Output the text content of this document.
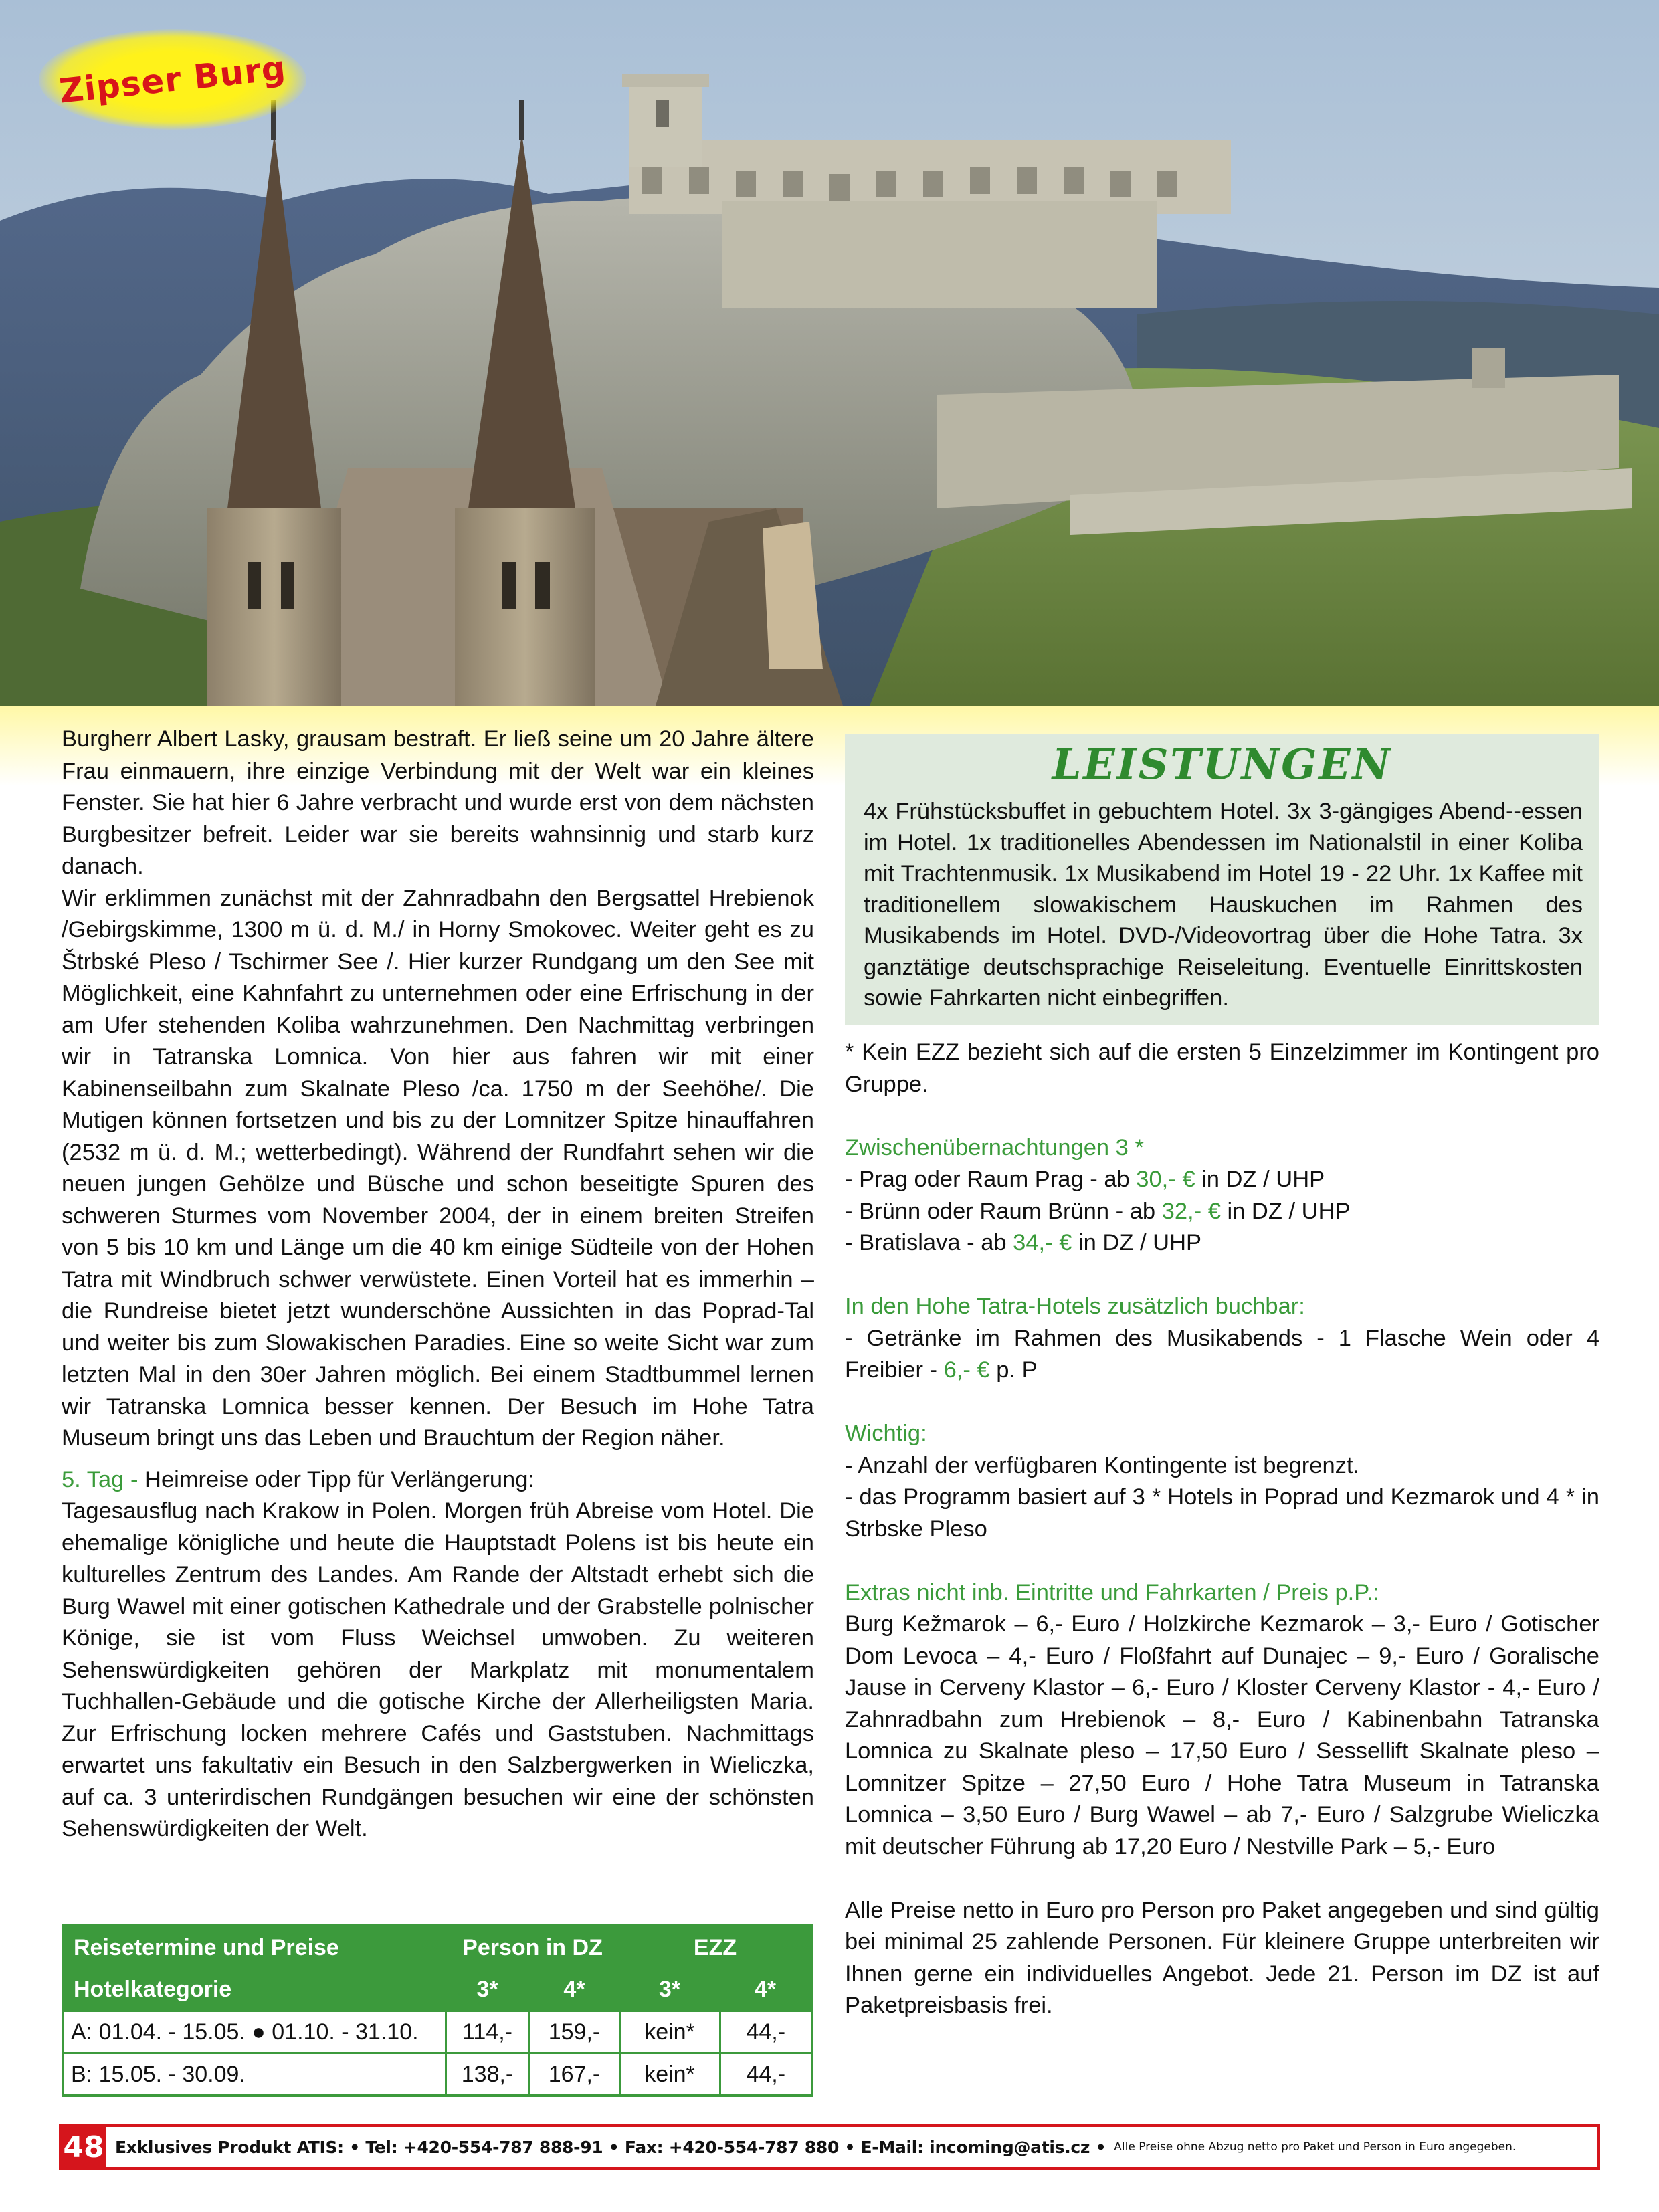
Zipser Burg

Burgherr Albert Lasky, grausam bestraft. Er ließ seine um 20 Jahre ältere Frau einmauern, ihre einzige Verbindung mit der Welt war ein kleines Fenster. Sie hat hier 6 Jahre verbracht und wurde erst von dem nächsten Burgbesitzer befreit. Leider war sie bereits wahnsinnig und starb kurz danach.

Wir erklimmen zunächst mit der Zahnradbahn den Bergsattel Hrebienok /Gebirgskimme, 1300 m ü. d. M./ in Horny Smokovec. Weiter geht es zu Štrbské Pleso / Tschirmer See /. Hier kurzer Rundgang um den See mit Möglichkeit, eine Kahnfahrt zu unternehmen oder eine Erfrischung in der am Ufer stehenden Koliba wahrzunehmen. Den Nachmittag verbringen wir in Tatranska Lomnica. Von hier aus fahren wir mit einer Kabinenseilbahn zum Skalnate Pleso /ca. 1750 m der Seehöhe/. Die Mutigen können fortsetzen und bis zu der Lomnitzer Spitze hinauffahren (2532 m ü. d. M.; wetterbedingt). Während der Rundfahrt sehen wir die neuen jungen Gehölze und Büsche und schon beseitigte Spuren des schweren Sturmes vom November 2004, der in einem breiten Streifen von 5 bis 10 km und Länge um die 40 km einige Südteile von der Hohen Tatra mit Windbruch schwer verwüstete. Einen Vorteil hat es immerhin – die Rundreise bietet jetzt wunderschöne Aussichten in das Poprad-Tal und weiter bis zum Slowakischen Paradies. Eine so weite Sicht war zum letzten Mal in den 30er Jahren möglich. Bei einem Stadtbummel lernen wir Tatranska Lomnica besser kennen. Der Besuch im Hohe Tatra Museum bringt uns das Leben und Brauchtum der Region näher.

5. Tag - Heimreise oder Tipp für Verlängerung:

Tagesausflug nach Krakow in Polen. Morgen früh Abreise vom Hotel. Die ehemalige königliche und heute die Hauptstadt Polens ist bis heute ein kulturelles Zentrum des Landes. Am Rande der Altstadt erhebt sich die Burg Wawel mit einer gotischen Kathedrale und der Grabstelle polnischer Könige, sie ist vom Fluss Weichsel umwoben. Zu weiteren Sehenswürdigkeiten gehören der Markplatz mit monumentalem Tuchhallen-Gebäude und die gotische Kirche der Allerheiligsten Maria. Zur Erfrischung locken mehrere Cafés und Gaststuben. Nachmittags erwartet uns fakultativ ein Besuch in den Salzbergwerken in Wieliczka, auf ca. 3 unterirdischen Rundgängen besuchen wir eine der schönsten Sehenswürdigkeiten der Welt.

Reisetermine und Preise	Person in DZ		EZZ	
Hotelkategorie	3*	4*	3*	4*
A: 01.04. - 15.05. ● 01.10. - 31.10.	114,-	159,-	kein*	44,-
B: 15.05. - 30.09.	138,-	167,-	kein*	44,-
LEISTUNGEN
4x Frühstücksbuffet in gebuchtem Hotel. 3x 3-gängiges Abend--essen im Hotel. 1x traditionelles Abendessen im Nationalstil in einer Koliba mit Trachtenmusik. 1x Musikabend im Hotel 19 - 22 Uhr. 1x Kaffee mit traditionellem slowakischem Hauskuchen im Rahmen des Musikabends im Hotel. DVD-/Videovortrag über die Hohe Tatra. 3x ganztätige deutschsprachige Reiseleitung. Eventuelle Einrittskosten sowie Fahrkarten nicht einbegriffen.

* Kein EZZ bezieht sich auf die ersten 5 Einzelzimmer im Kontingent pro Gruppe.

Zwischenübernachtungen 3 *

- Prag oder Raum Prag - ab 30,- € in DZ / UHP

- Brünn oder Raum Brünn - ab 32,- € in DZ / UHP

- Bratislava - ab 34,- € in DZ / UHP

In den Hohe Tatra-Hotels zusätzlich buchbar:

- Getränke im Rahmen des Musikabends - 1 Flasche Wein oder 4 Freibier - 6,- € p. P

Wichtig:

- Anzahl der verfügbaren Kontingente ist begrenzt.

- das Programm basiert auf 3 * Hotels in Poprad und Kezmarok und 4 * in Strbske Pleso

Extras nicht inb. Eintritte und Fahrkarten / Preis p.P.:

Burg Kežmarok – 6,- Euro / Holzkirche Kezmarok – 3,- Euro / Gotischer Dom Levoca – 4,- Euro / Floßfahrt auf Dunajec – 9,- Euro / Goralische Jause in Cerveny Klastor – 6,- Euro / Kloster Cerveny Klastor - 4,- Euro / Zahnradbahn zum Hrebienok – 8,- Euro / Kabinenbahn Tatranska Lomnica zu Skalnate pleso – 17,50 Euro / Sessellift Skalnate pleso – Lomnitzer Spitze – 27,50 Euro / Hohe Tatra Museum in Tatranska Lomnica – 3,50 Euro / Burg Wawel – ab 7,- Euro / Salzgrube Wieliczka mit deutscher Führung ab 17,20 Euro / Nestville Park – 5,- Euro

Alle Preise netto in Euro pro Person pro Paket angegeben und sind gültig bei minimal 25 zahlende Personen. Für kleinere Gruppe unterbreiten wir Ihnen gerne ein individuelles Angebot. Jede 21. Person im DZ ist auf Paketpreisbasis frei.

48 Exklusives Produkt ATIS: • Tel: +420-554-787 888-91 • Fax: +420-554-787 880 • E-Mail: incoming@atis.cz • Alle Preise ohne Abzug netto pro Paket und Person in Euro angegeben.
